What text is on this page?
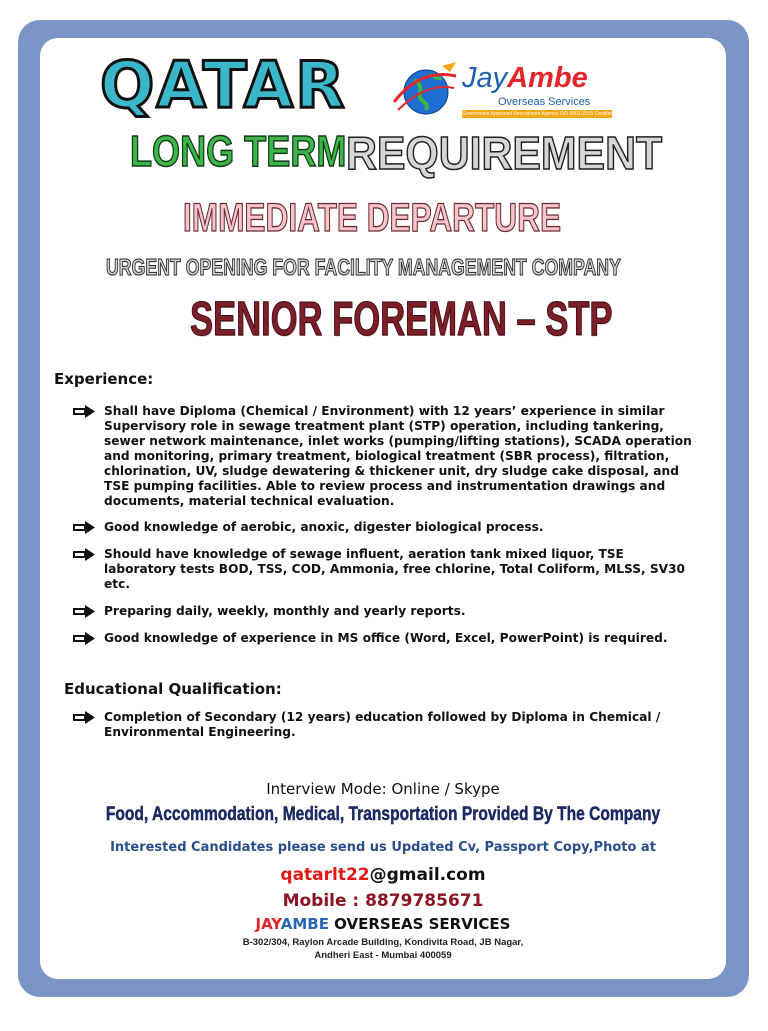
QATAR	JayAmbe
Overseas Services
Government Approved Recruitment Agency ISO 9001:2015 Certified Company
LONG TERM REQUIREMENT
IMMEDIATE DEPARTURE
URGENT OPENING FOR FACILITY MANAGEMENT COMPANY
SENIOR FOREMAN – STP
Experience:
Shall have Diploma (Chemical / Environment) with 12 years’ experience in similar Supervisory role in sewage treatment plant (STP) operation, including tankering, sewer network maintenance, inlet works (pumping/lifting stations), SCADA operation and monitoring, primary treatment, biological treatment (SBR process), filtration, chlorination, UV, sludge dewatering & thickener unit, dry sludge cake disposal, and TSE pumping facilities. Able to review process and instrumentation drawings and documents, material technical evaluation.
Good knowledge of aerobic, anoxic, digester biological process.
Should have knowledge of sewage influent, aeration tank mixed liquor, TSE laboratory tests BOD, TSS, COD, Ammonia, free chlorine, Total Coliform, MLSS, SV30 etc.
Preparing daily, weekly, monthly and yearly reports.
Good knowledge of experience in MS office (Word, Excel, PowerPoint) is required.
Educational Qualification:
Completion of Secondary (12 years) education followed by Diploma in Chemical / Environmental Engineering.
Interview Mode: Online / Skype
Food, Accommodation, Medical, Transportation Provided By The Company
Interested Candidates please send us Updated Cv, Passport Copy,Photo at
qatarlt22@gmail.com
Mobile : 8879785671
JAYAMBE OVERSEAS SERVICES
B-302/304, Raylon Arcade Building, Kondivita Road, JB Nagar,
Andheri East - Mumbai 400059
